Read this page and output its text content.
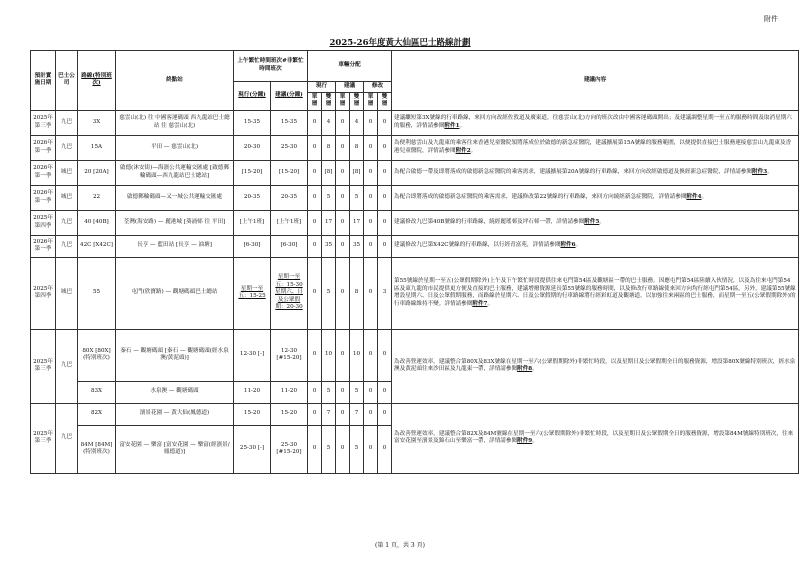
附件
2025-26年度黃大仙區巴士路線計劃
預計實施日期	巴士公司	路線(特別班次)	終點站	上午繁忙時間班次#非繁忙時間班次		車輛分配						建議內容
				現行(分鐘)	建議(分鐘)	現行		建議		修改		
						單層	雙層	單層	雙層	單層	雙層	
2025年第三季	九巴	3X	慈雲山(北) 往 中國客運碼頭 西九龍站巴士總站 往 慈雲山(北)	15-35	15-35	0	4	0	4	0	0	建議繼短第3X號線的行車路線，來回方向改經佐敦道及廣東道，往慈雲山(北)方向的班次改由中國客運碼頭開出；及建議調整星期一至五的服務時間及取消星期六的服務，詳情請參閱附件1。
2026年第一季	九巴	15A	平田 — 慈雲山(北)	20-30	25-30	0	8	0	8	0	0	為便利慈雲山及九龍東的乘客往來香港兒童醫院領將落成位於啟德的新急症醫院，建議擴展第15A號線的服務範圍，以便提供直接巴士服務連接慈雲山九龍東及香港兒童醫院，詳情請參閱附件2。
2026年第一季	城巴	20 [20A]	啟德(沐安街)—海濱公共運輸交匯處 [啟德郵輪碼頭—西九龍站巴士總站]	[15-20]	[15-20]	0	[8]	0	[8]	0	0	為配合啟德一帶及即將落成的啟德新急症醫院的乘客需求，建議擴展第20A號線的行車路線，來回方向改經啟德道及換經新急症醫院，詳情請參閱附件3。
2026年第一季	城巴	22	啟德郵輪碼頭—又一城公共運輸交匯處	20-35	20-35	0	5	0	5	0	0	為配合即將落成的啟德新急症醫院的乘客需求，建議修改第22號線的行車路線，來回方向繞經新急症醫院，詳情請參閱附件4。
2025年第四季	九巴	40 [40B]	荃灣(海安路) — 麗港城 [葵涌邨 往 平田]	[上午1班]	[上午1班]	0	17	0	17	0	0	建議修改九巴第40B號線的行車路線，繞經麗瑤邨及坪石邨一帶，詳情請參閱附件5。
2026年第一季	九巴	42C [X42C]	長亨 — 藍田站 [長亨 — 油塘]	[6-30]	[6-30]	0	35	0	35	0	0	建議修改九巴第X42C號線的行車路線，以行經青富苑，詳情請參閱附件6。
2025年第四季	城巴	55	屯門(欣寶路) — 觀塘碼頭巴士總站	星期一至五：15-25	星期一至五：15-30 星期六、日及公眾假期：20-30	0	5	0	8	0	3	第55號線於星期一至五(公眾假期除外)上午及下午繁忙時段提供往來屯門第54區及觀塘區一帶的巴士服務。因應屯門第54區陸續入伙情況，以及為往來屯門第54區及東九龍的市民提供更方便及直接的巴士服務，建議增撥資源延長第55號線的服務時間，以及修改行車路線使來回方向均行經屯門第54區。另外，建議第55號線增設星期六、日及公眾假期服務，而路線於星期六、日及公眾假期的行車路線將行經彩虹道及觀塘道，以加強往來兩區的巴士服務，而星期一至五(公眾假期除外)的行車路線維持不變。詳情請參閱附件7。
2025年第三季	九巴	80X [80X] (特別班次)	秦石 — 觀塘碼頭 [秦石 — 觀塘碼頭(經水泉澳/黃泥頭)]	12-30 [-]	12-30 [#15-20]	0	10	0	10	0	0	為改善營運效率，建議整合第80X及83X號線在星期一至六(公眾假期除外)非繁忙時段，以及星期日及公眾假期全日的服務資源，增設第80X號線特別班次，經水泉澳及黃泥頭往來沙田區及九龍東一帶，詳情請參閱附件8。
		83X	水泉澳 — 觀塘碼頭	11-20	11-20	0	5	0	5	0	0	
2025年第三季	九巴	82X	濱景花園 — 黃大仙(鳳德道)	15-20	15-20	0	7	0	7	0	0	為改善營運效率，建議整合第82X及84M號線在星期一至六(公眾假期除外)非繁忙時段，以及星期日及公眾假期全日的服務資源，增設第84M號線特別班次，往來富安花園至濱景及錦石山至樂富一帶，詳情請參閱附件9。
		84M [84M] (特別班次)	富安花園 — 樂富 [富安花園 — 樂富(經濱景/鳳德道)]	25-30 [-]	25-30 [#15-20]	0	5	0	5	0	0	
(第 1 頁，共 3 頁)
